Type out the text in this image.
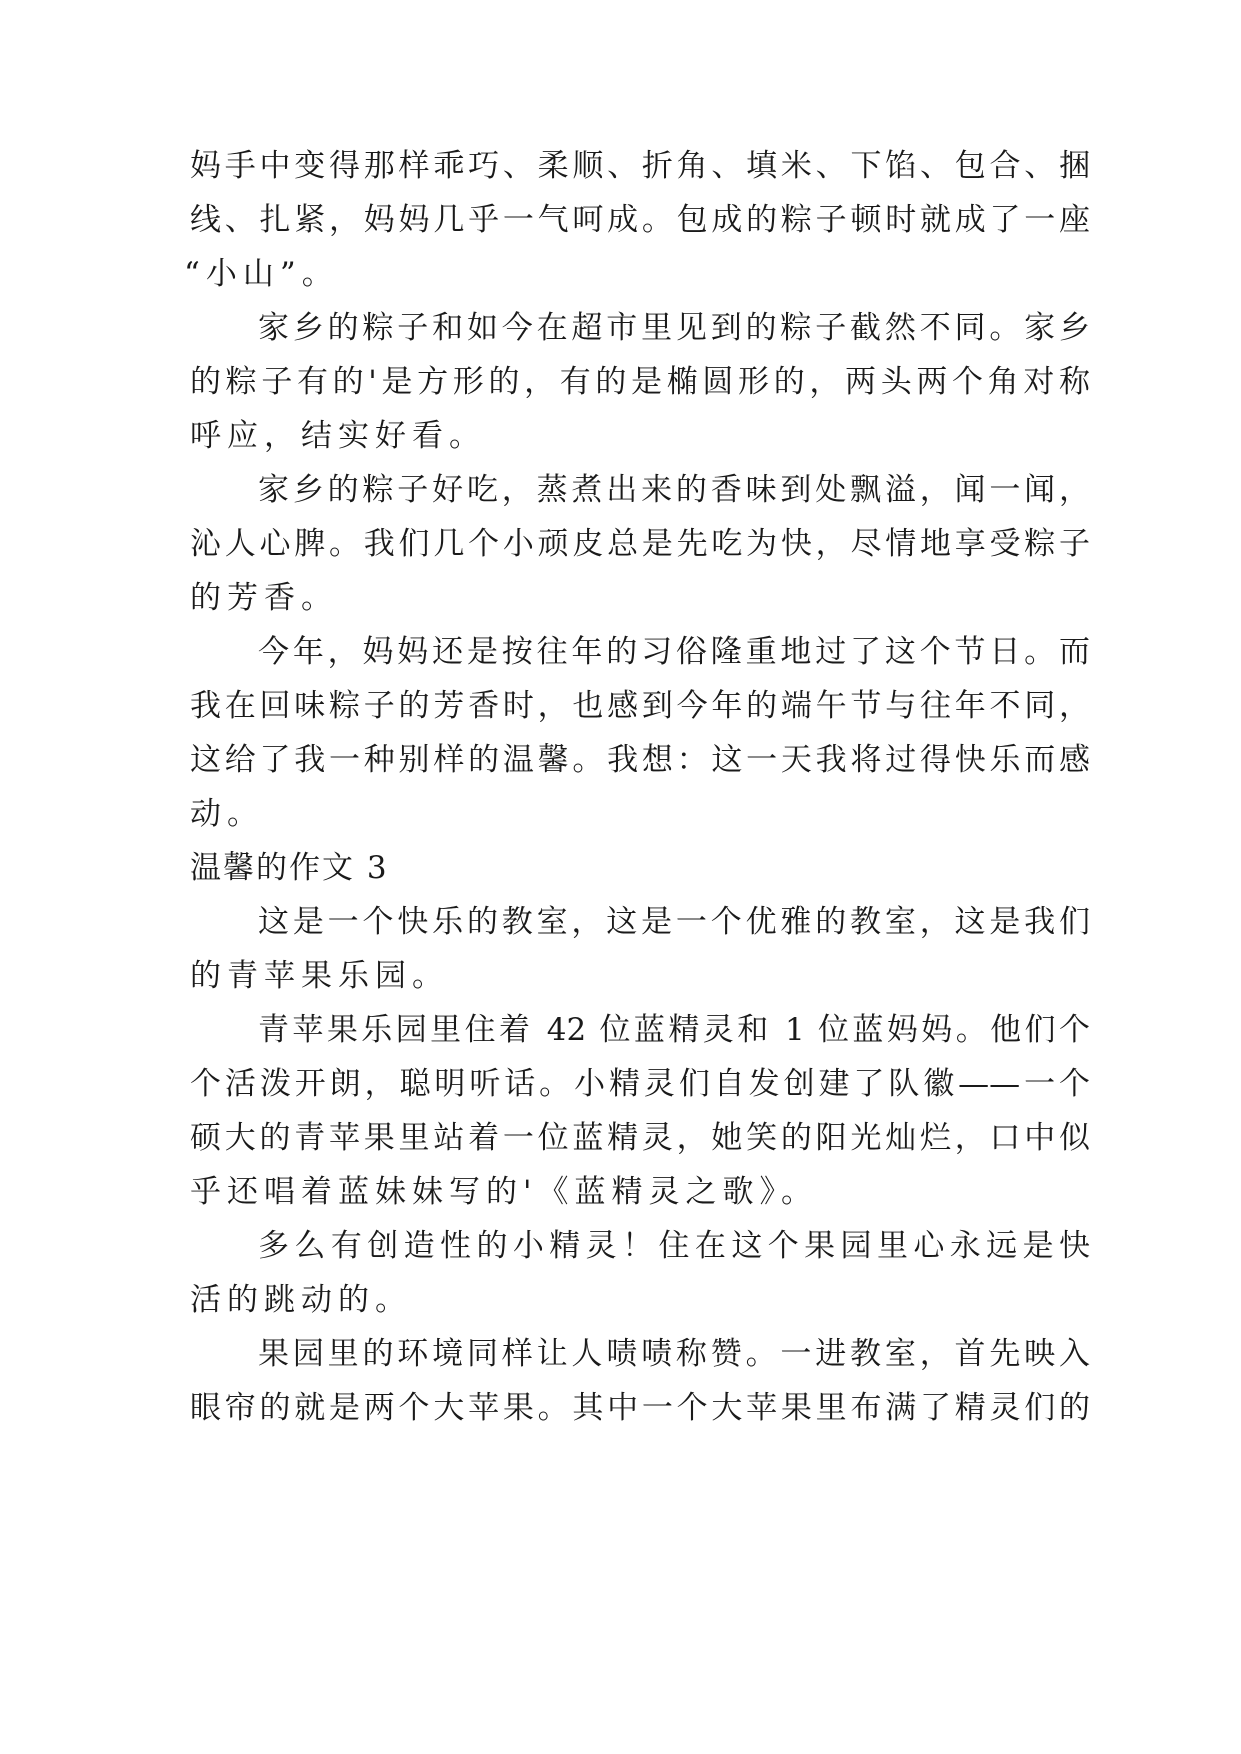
妈手中变得那样乖巧、柔顺、折角、填米、下馅、包合、捆
线、扎紧，妈妈几乎一气呵成。包成的粽子顿时就成了一座
“小山”。
家乡的粽子和如今在超市里见到的粽子截然不同。家乡
的粽子有的'是方形的，有的是椭圆形的，两头两个角对称
呼应，结实好看。
家乡的粽子好吃，蒸煮出来的香味到处飘溢，闻一闻，
沁人心脾。我们几个小顽皮总是先吃为快，尽情地享受粽子
的芳香。
今年，妈妈还是按往年的习俗隆重地过了这个节日。而
我在回味粽子的芳香时，也感到今年的端午节与往年不同，
这给了我一种别样的温馨。我想：这一天我将过得快乐而感
动。
温馨的作文 3
这是一个快乐的教室，这是一个优雅的教室，这是我们
的青苹果乐园。
青苹果乐园里住着 42 位蓝精灵和 1 位蓝妈妈。他们个
个活泼开朗，聪明听话。小精灵们自发创建了队徽——一个
硕大的青苹果里站着一位蓝精灵，她笑的阳光灿烂，口中似
乎还唱着蓝妹妹写的'《蓝精灵之歌》。
多么有创造性的小精灵！住在这个果园里心永远是快
活的跳动的。
果园里的环境同样让人啧啧称赞。一进教室，首先映入
眼帘的就是两个大苹果。其中一个大苹果里布满了精灵们的
